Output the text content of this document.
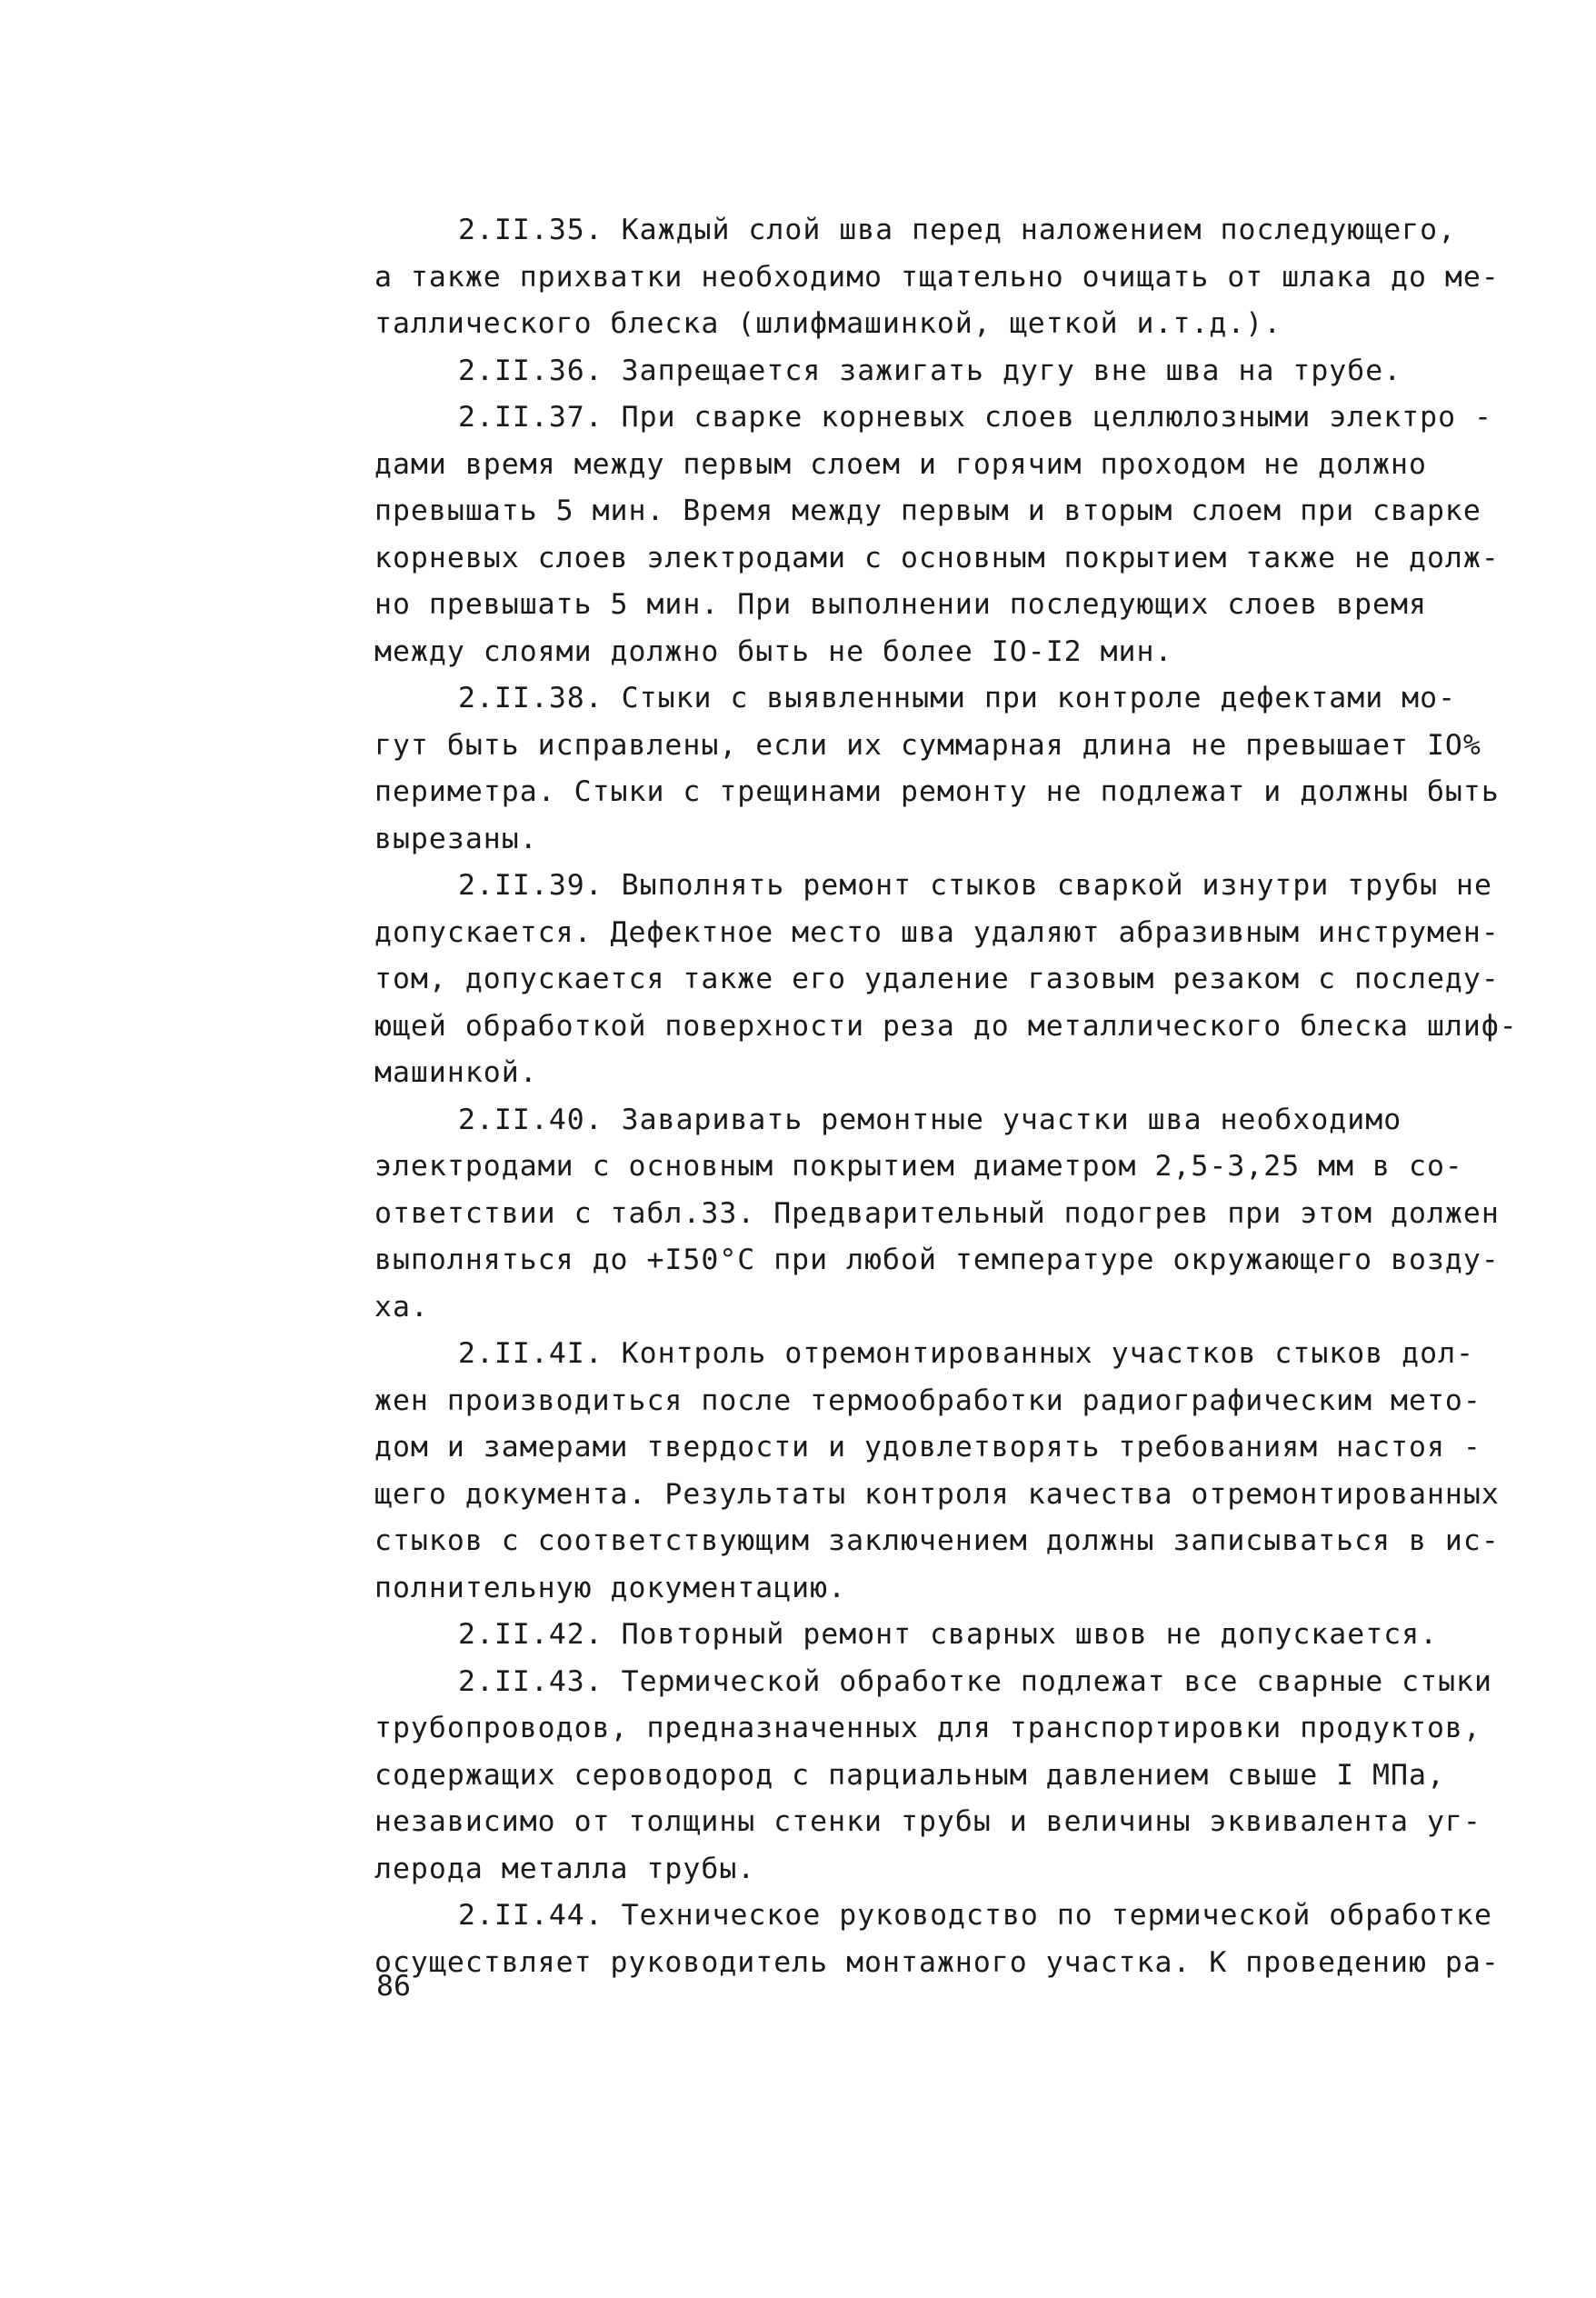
2.II.35. Каждый слой шва перед наложением последующего,
а также прихватки необходимо тщательно очищать от шлака до ме-
таллического блеска (шлифмашинкой, щеткой и.т.д.).
2.II.36. Запрещается зажигать дугу вне шва на трубе.
2.II.37. При сварке корневых слоев целлюлозными электро -
дами время между первым слоем и горячим проходом не должно
превышать 5 мин. Время между первым и вторым слоем при сварке
корневых слоев электродами с основным покрытием также не долж-
но превышать 5 мин. При выполнении последующих слоев время
между слоями должно быть не более IO-I2 мин.
2.II.38. Стыки с выявленными при контроле дефектами мо-
гут быть исправлены, если их суммарная длина не превышает IO%
периметра. Стыки с трещинами ремонту не подлежат и должны быть
вырезаны.
2.II.39. Выполнять ремонт стыков сваркой изнутри трубы не
допускается. Дефектное место шва удаляют абразивным инструмен-
том, допускается также его удаление газовым резаком с последу-
ющей обработкой поверхности реза до металлического блеска шлиф-
машинкой.
2.II.40. Заваривать ремонтные участки шва необходимо
электродами с основным покрытием диаметром 2,5-3,25 мм в со-
ответствии с табл.33. Предварительный подогрев при этом должен
выполняться до +I50°С при любой температуре окружающего возду-
ха.
2.II.4I. Контроль отремонтированных участков стыков дол-
жен производиться после термообработки радиографическим мето-
дом и замерами твердости и удовлетворять требованиям настоя -
щего документа. Результаты контроля качества отремонтированных
стыков с соответствующим заключением должны записываться в ис-
полнительную документацию.
2.II.42. Повторный ремонт сварных швов не допускается.
2.II.43. Термической обработке подлежат все сварные стыки
трубопроводов, предназначенных для транспортировки продуктов,
содержащих сероводород с парциальным давлением свыше I МПа,
независимо от толщины стенки трубы и величины эквивалента уг-
лерода металла трубы.
2.II.44. Техническое руководство по термической обработке
осуществляет руководитель монтажного участка. К проведению ра-
86
